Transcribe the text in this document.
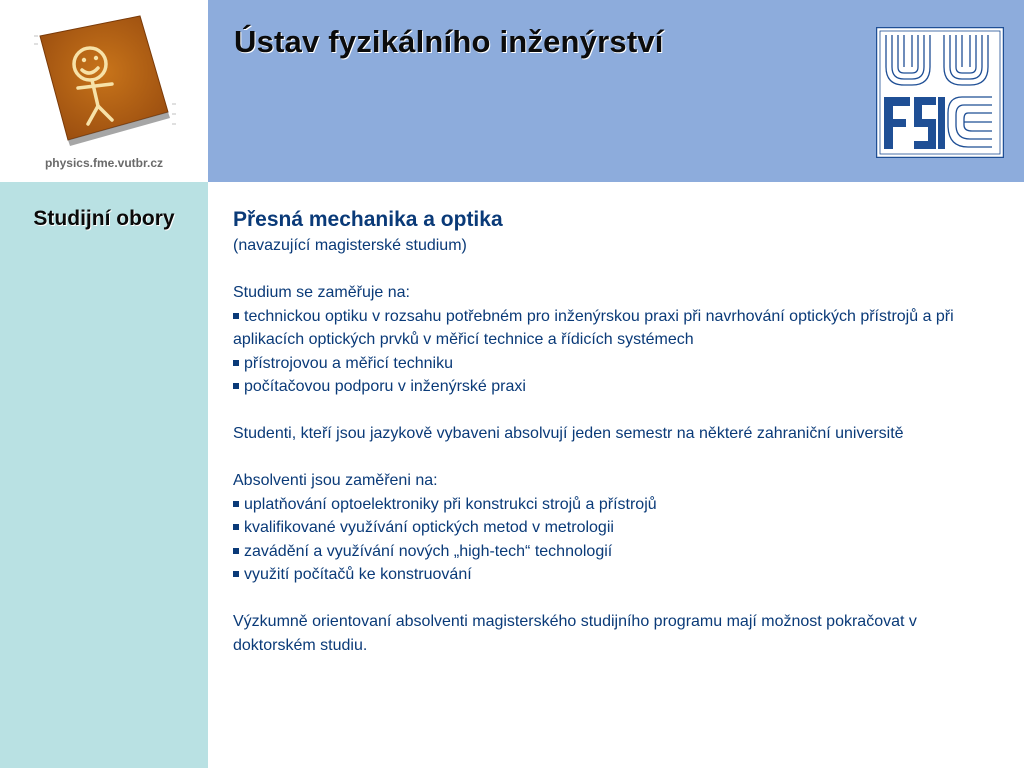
physics.fme.vutbr.cz
Ústav fyzikálního inženýrství
Studijní obory	Přesná mechanika a optika

(navazující magisterské studium)

Studium se zaměřuje na:

technickou optiku v rozsahu potřebném pro inženýrskou praxi při navrhování optických přístrojů a při aplikacích optických prvků v měřicí technice a řídicích systémech

přístrojovou a měřicí techniku

počítačovou podporu v inženýrské praxi

Studenti, kteří jsou jazykově vybaveni absolvují jeden semestr na některé zahraniční universitě

Absolventi jsou zaměřeni na:

uplatňování optoelektroniky při konstrukci strojů a přístrojů

kvalifikované využívání optických metod v metrologii

zavádění a využívání nových „high-tech“ technologií

využití počítačů ke konstruování

Výzkumně orientovaní absolventi magisterského studijního programu mají možnost pokračovat v doktorském studiu.
